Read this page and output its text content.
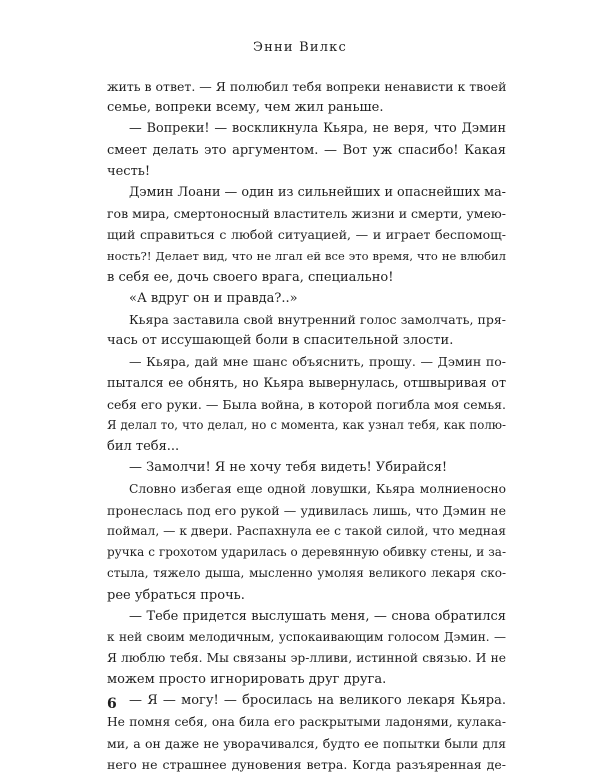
Энни Вилкс
жить в ответ. — Я полюбил тебя вопреки ненависти к твоей
семье, вопреки всему, чем жил раньше.
— Вопреки! — воскликнула Кьяра, не веря, что Дэмин
смеет делать это аргументом. — Вот уж спасибо! Какая
честь!
Дэмин Лоани — один из сильнейших и опаснейших ма-
гов мира, смертоносный властитель жизни и смерти, умею-
щий справиться с любой ситуацией, — и играет беспомощ-
ность?! Делает вид, что не лгал ей все это время, что не влюбил
в себя ее, дочь своего врага, специально!
«А вдруг он и правда?..»
Кьяра заставила свой внутренний голос замолчать, пря-
чась от иссушающей боли в спасительной злости.
— Кьяра, дай мне шанс объяснить, прошу. — Дэмин по-
пытался ее обнять, но Кьяра вывернулась, отшвыривая от
себя его руки. — Была война, в которой погибла моя семья.
Я делал то, что делал, но с момента, как узнал тебя, как полю-
бил тебя...
— Замолчи! Я не хочу тебя видеть! Убирайся!
Словно избегая еще одной ловушки, Кьяра молниеносно
пронеслась под его рукой — удивилась лишь, что Дэмин не
поймал, — к двери. Распахнула ее с такой силой, что медная
ручка с грохотом ударилась о деревянную обивку стены, и за-
стыла, тяжело дыша, мысленно умоляя великого лекаря ско-
рее убраться прочь.
— Тебе придется выслушать меня, — снова обратился
к ней своим мелодичным, успокаивающим голосом Дэмин. —
Я люблю тебя. Мы связаны эр-лливи, истинной связью. И не
можем просто игнорировать друг друга.
— Я — могу! — бросилась на великого лекаря Кьяра.
Не помня себя, она била его раскрытыми ладонями, кулака-
ми, а он даже не уворачивался, будто ее попытки были для
него не страшнее дуновения ветра. Когда разъяренная де-
6
